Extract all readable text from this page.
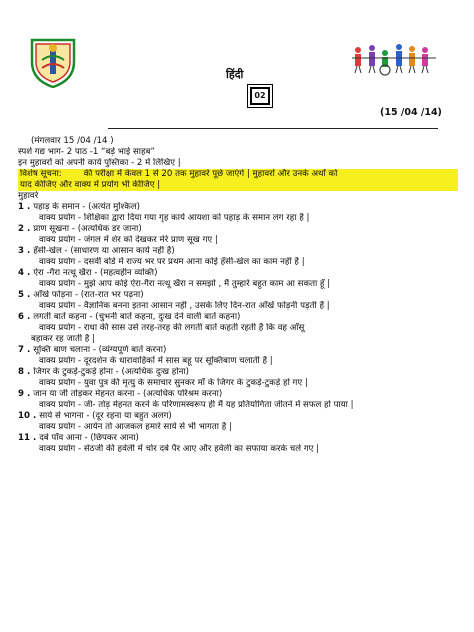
हिंदी
02
(15 /04 /14)
(मंगलवार 15 /04 /14 )
स्पर्श गद्य भाग- 2 पाठ -1 “बड़े भाई साहब”
इन मुहावरों को अपनी कार्य पुस्तिका - 2 में लिखिए |
विशेष सूचना:	की परीक्षा में केवल 1 से 20 तक मुहावरे पूछे जाएंगे | मुहावरों और उनके अर्थों को
याद कीजिए और वाक्य में प्रयोग भी कीजिए |
मुहावरे
1 . पहाड़ के समान - (अत्यंत मुश्किल)
वाक्य प्रयोग - शिक्षिका द्वारा दिया गया गृह कार्य आयशा को पहाड़ के समान लग रहा है |
2 . प्राण सूखना - (अत्यधिक डर जाना)
वाक्य प्रयोग - जंगल में शेर को देखकर मेरे प्राण सूख गए |
3 . हँसी-खेल - (साधारण या आसान कार्य नहीं है)
वाक्य प्रयोग - दसवीं बोर्ड में राज्य भर पर प्रथम आना कोई हँसी-खेल का काम नहीं है |
4 . ऐरा -गैरा नत्थू खैरा - (महत्वहीन व्यक्ति)
वाक्य प्रयोग - मुझे आप कोई ऐरा-गैरा नत्थू खैरा न समझो , मैं तुम्हारे बहुत काम आ सकता हूँ |
5 . आँखे फोड़ना - (रात-रात भर पढ़ना)
वाक्य प्रयोग - वैज्ञानिक बनना इतना आसान नहीं , उसके लिए दिन-रात आँखें फोड़नी पड़ती हैं |
6 . लगती बातें कहना - (चुभनी बातें कहना, दुःख देने वाली बातें कहना)
वाक्य प्रयोग - राधा की सास उसे तरह-तरह की लगती बातें कहती रहती है कि वह आँसू
बहाकर रह जाती है |
7 . सूक्ति बाण चलाना - (व्यंग्यपूर्ण बातें करना)
वाक्य प्रयोग - दूरदर्शन के धारावाहिकों में सास बहू पर सूक्तिबाण चलाती है |
8 . जिगर के टुकड़े-टुकड़े होना - (अत्यधिक दुःख होना)
वाक्य प्रयोग - युवा पुत्र की मृत्यु के समाचार सुनकर माँ के जिगर के टुकड़े-टुकड़े हो गए |
9 . जान या जी तोड़कर मेहनत करना - (अत्यधिक परिश्रम करना)
वाक्य प्रयोग - जी- तोड़ मेहनत करने के परिणामस्वरूप ही मैं यह प्रतियोगिता जीतने में सफल हो पाया |
10 . साये से भागना - (दूर रहना या बहुत अलग)
वाक्य प्रयोग - आर्यन तो आजकल हमारे साये से भी भागता है |
11 . दबे पाँव आना - (छिपकर आना)
वाक्य प्रयोग - सेठजी की हवेली में चोर दबे पैर आए और हवेली का सफाया करके चले गए |
